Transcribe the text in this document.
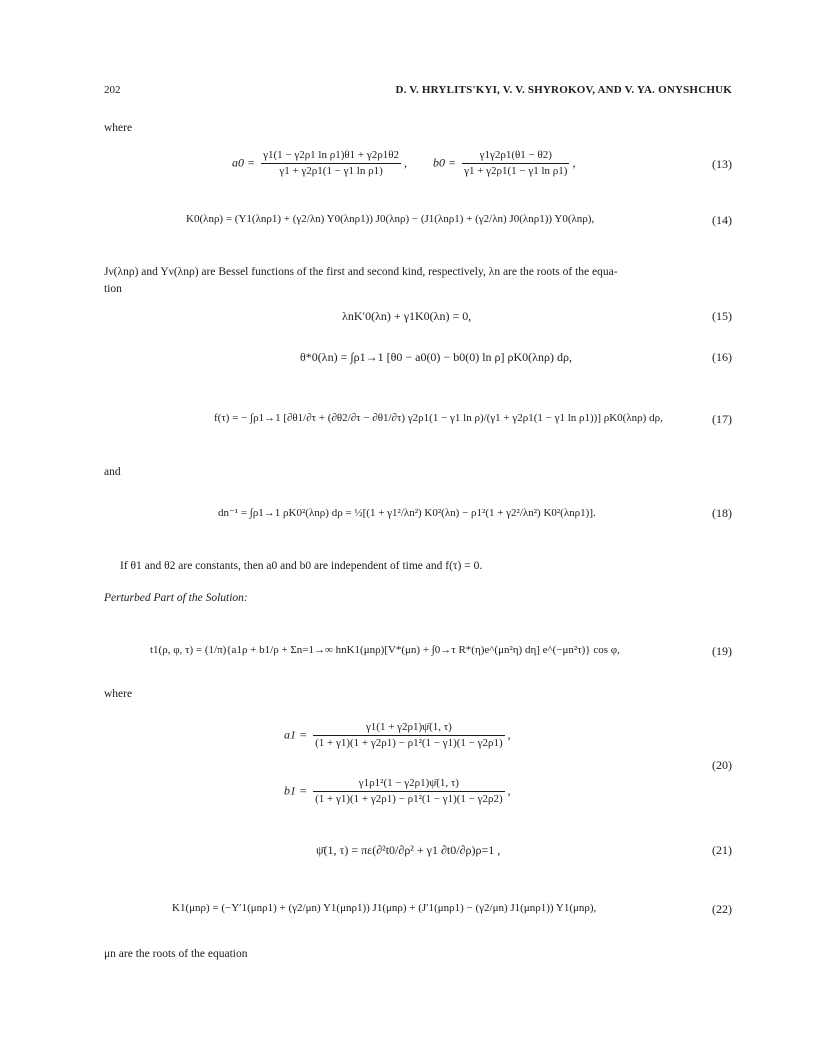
202	D. V. HRYLITS'KYI, V. V. SHYROKOV, AND V. YA. ONYSHCHUK
where
$a0 = \frac{\text{γ1(1 − γ2ρ1 ln ρ1)θ1 + γ2ρ1θ2}}{\text{γ1 + γ2ρ1(1 − γ1 ln ρ1)}}$ , $b0 = \frac{\gamma 1\gamma 2\rho 1(\theta 1 - \theta 2)}{\text{γ1 + γ2ρ1(1 − γ1 ln ρ1)}}$ ,	(13)
K0(λnρ) = (Y1(λnρ1) + (γ2/λn) Y0(λnρ1)) J0(λnρ) − (J1(λnρ1) + (γ2/λn) J0(λnρ1)) Y0(λnρ),	(14)
Jν(λnρ) and Yν(λnρ) are Bessel functions of the first and second kind, respectively, λn are the roots of the equa-
tion
λnK′0(λn) + γ1K0(λn) = 0,	(15)
θ*0(λn) = ∫ρ1→1 [θ0 − a0(0) − b0(0) ln ρ] ρK0(λnρ) dρ,	(16)
f(τ) = − ∫ρ1→1 [∂θ1/∂τ + (∂θ2/∂τ − ∂θ1/∂τ) γ2ρ1(1 − γ1 ln ρ)/(γ1 + γ2ρ1(1 − γ1 ln ρ1))] ρK0(λnρ) dρ,	(17)
and
dn⁻¹ = ∫ρ1→1 ρK0²(λnρ) dρ = ½[(1 + γ1²/λn²) K0²(λn) − ρ1²(1 + γ2²/λn²) K0²(λnρ1)].	(18)
If θ1 and θ2 are constants, then a0 and b0 are independent of time and f(τ) = 0.
Perturbed Part of the Solution:
t1(ρ, φ, τ) = (1/π){a1ρ + b1/ρ + Σn=1→∞ hnK1(μnρ)[V*(μn) + ∫0→τ R*(η)e^(μn²η) dη] e^(−μn²τ)} cos φ,	(19)
where
$a1 = \frac{\gamma 1(1 + \gamma 2\rho 1)\psī(1, \tau)}{\text{(1 + γ1)(1 + γ2ρ1) − ρ1²(1 − γ1)(1 − γ2ρ1)}}$ ,
$b1 = \frac{\text{γ1ρ1²(1 − γ2ρ1)ψ̄(1, τ)}}{\text{(1 + γ1)(1 + γ2ρ1) − ρ1²(1 − γ1)(1 − γ2ρ2)}}$ ,
(20)
ψ̄(1, τ) = πε(∂²t0/∂ρ² + γ1 ∂t0/∂ρ)ρ=1 ,	(21)
K1(μnρ) = (−Y′1(μnρ1) + (γ2/μn) Y1(μnρ1)) J1(μnρ) + (J′1(μnρ1) − (γ2/μn) J1(μnρ1)) Y1(μnρ),	(22)
μn are the roots of the equation
